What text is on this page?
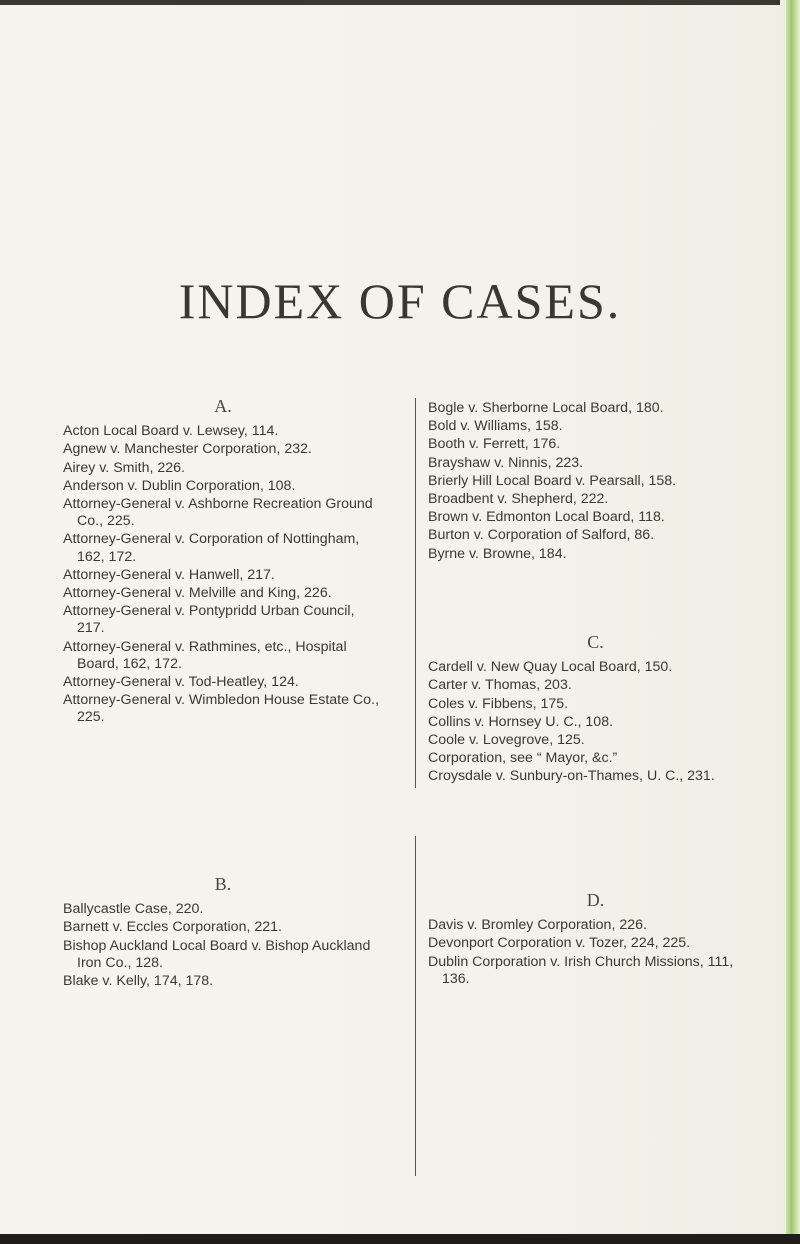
INDEX OF CASES.
A.
Acton Local Board v. Lewsey, 114.
Agnew v. Manchester Corporation, 232.
Airey v. Smith, 226.
Anderson v. Dublin Corporation, 108.
Attorney-General v. Ashborne Recreation Ground Co., 225.
Attorney-General v. Corporation of Nottingham, 162, 172.
Attorney-General v. Hanwell, 217.
Attorney-General v. Melville and King, 226.
Attorney-General v. Pontypridd Urban Council, 217.
Attorney-General v. Rathmines, etc., Hospital Board, 162, 172.
Attorney-General v. Tod-Heatley, 124.
Attorney-General v. Wimbledon House Estate Co., 225.
Bogle v. Sherborne Local Board, 180.
Bold v. Williams, 158.
Booth v. Ferrett, 176.
Brayshaw v. Ninnis, 223.
Brierly Hill Local Board v. Pearsall, 158.
Broadbent v. Shepherd, 222.
Brown v. Edmonton Local Board, 118.
Burton v. Corporation of Salford, 86.
Byrne v. Browne, 184.
C.
Cardell v. New Quay Local Board, 150.
Carter v. Thomas, 203.
Coles v. Fibbens, 175.
Collins v. Hornsey U. C., 108.
Coole v. Lovegrove, 125.
Corporation, see “ Mayor, &c.”
Croysdale v. Sunbury-on-Thames, U. C., 231.
B.
Ballycastle Case, 220.
Barnett v. Eccles Corporation, 221.
Bishop Auckland Local Board v. Bishop Auckland Iron Co., 128.
Blake v. Kelly, 174, 178.
D.
Davis v. Bromley Corporation, 226.
Devonport Corporation v. Tozer, 224, 225.
Dublin Corporation v. Irish Church Missions, 111, 136.
